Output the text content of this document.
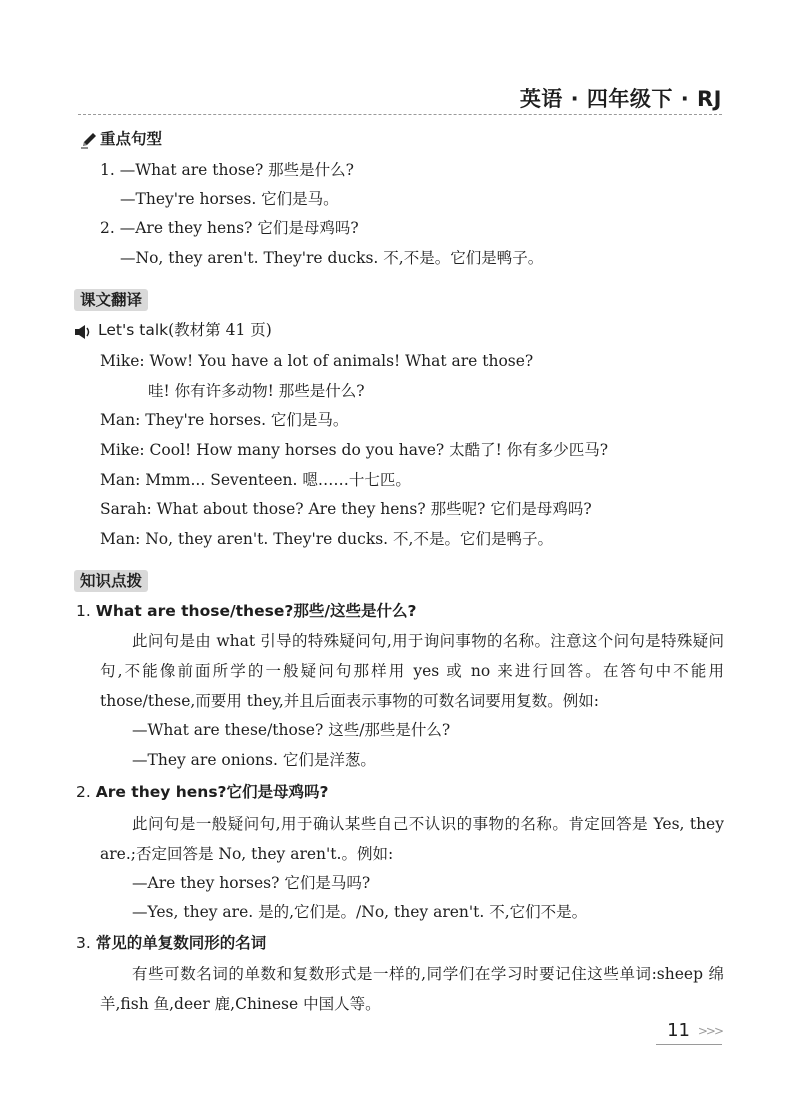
英语 · 四年级下 · RJ
重点句型
1. —What are those? 那些是什么?
—They're horses. 它们是马。
2. —Are they hens? 它们是母鸡吗?
—No, they aren't. They're ducks. 不,不是。它们是鸭子。
课文翻译
Let's talk(教材第 41 页)
Mike: Wow! You have a lot of animals! What are those?
哇! 你有许多动物! 那些是什么?
Man: They're horses. 它们是马。
Mike: Cool! How many horses do you have? 太酷了! 你有多少匹马?
Man: Mmm... Seventeen. 嗯……十七匹。
Sarah: What about those? Are they hens? 那些呢? 它们是母鸡吗?
Man: No, they aren't. They're ducks. 不,不是。它们是鸭子。
知识点拨
1. What are those/these?那些/这些是什么?
此问句是由 what 引导的特殊疑问句,用于询问事物的名称。注意这个问句是特殊疑问句,不能像前面所学的一般疑问句那样用 yes 或 no 来进行回答。在答句中不能用 those/these,而要用 they,并且后面表示事物的可数名词要用复数。例如:
—What are these/those? 这些/那些是什么?
—They are onions. 它们是洋葱。
2. Are they hens?它们是母鸡吗?
此问句是一般疑问句,用于确认某些自己不认识的事物的名称。肯定回答是 Yes, they are.;否定回答是 No, they aren't.。例如:
—Are they horses? 它们是马吗?
—Yes, they are. 是的,它们是。/No, they aren't. 不,它们不是。
3. 常见的单复数同形的名词
有些可数名词的单数和复数形式是一样的,同学们在学习时要记住这些单词:sheep 绵羊,fish 鱼,deer 鹿,Chinese 中国人等。
11 >>>
